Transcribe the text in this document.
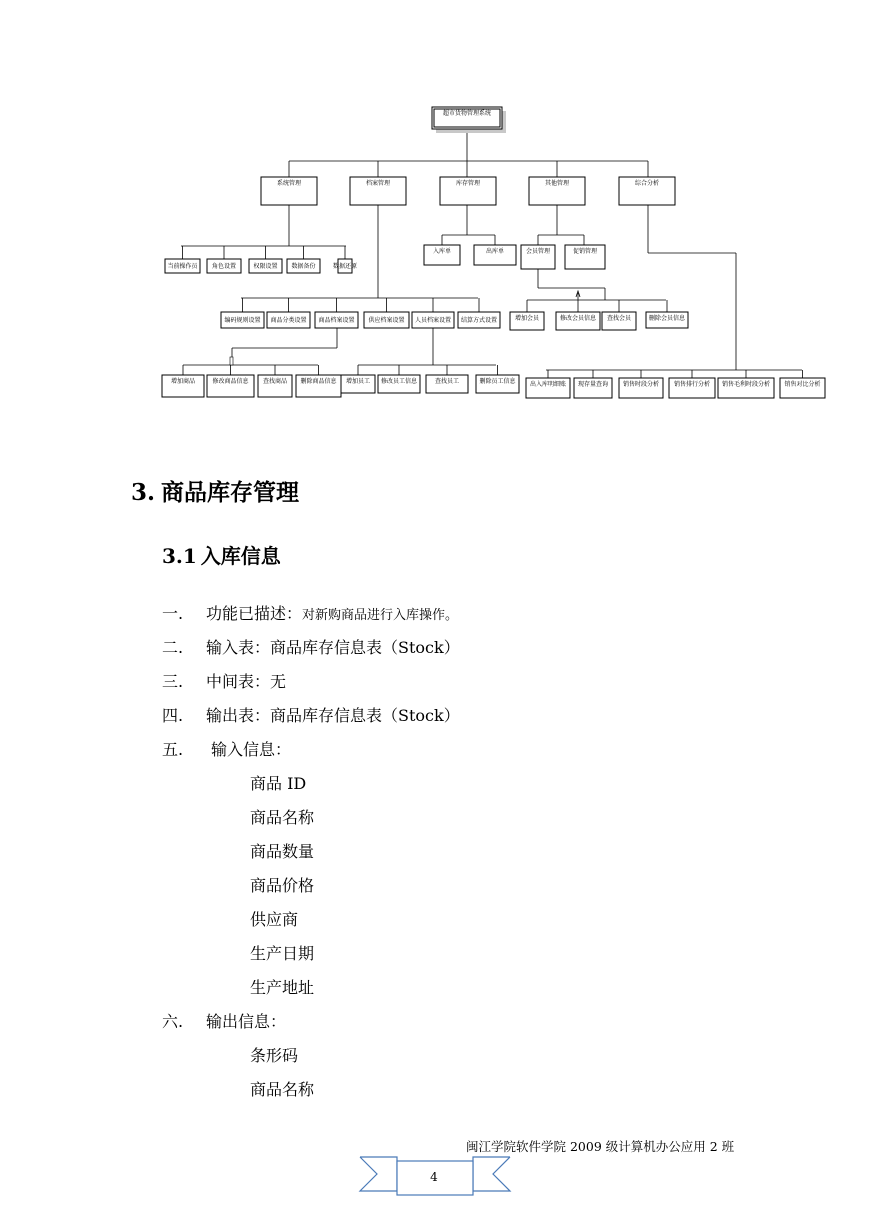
超市货物管理系统
系统管理	档案管理	库存管理	其他管理	综合分析
当前操作员 角色设置	权限设置 数据备份	数据还原
编码规则设置 商品分类设置 商品档案设置 供应档案设置 人员档案设置 结算方式设置
增加商品	修改商品信息 查找商品 删除商品信息 增加员工 修改员工信息	查找员工	删除员工信息
入库单	出库单	会员管理	促销管理
增加会员	修改会员信息 查找会员	删除会员信息
出入库明细账 现存量查询 销售时段分析 销售排行分析 销售毛利时段分析 销售对比分析
3. 商品库存管理
3.1 入库信息
一. 功能已描述：对新购商品进行入库操作。
二. 输入表：商品库存信息表（Stock）
三. 中间表：无
四. 输出表：商品库存信息表（Stock）
五. 输入信息：
商品 ID
商品名称
商品数量
商品价格
供应商
生产日期
生产地址
六. 输出信息：
条形码
商品名称
闽江学院软件学院 2009 级计算机办公应用 2 班
4
